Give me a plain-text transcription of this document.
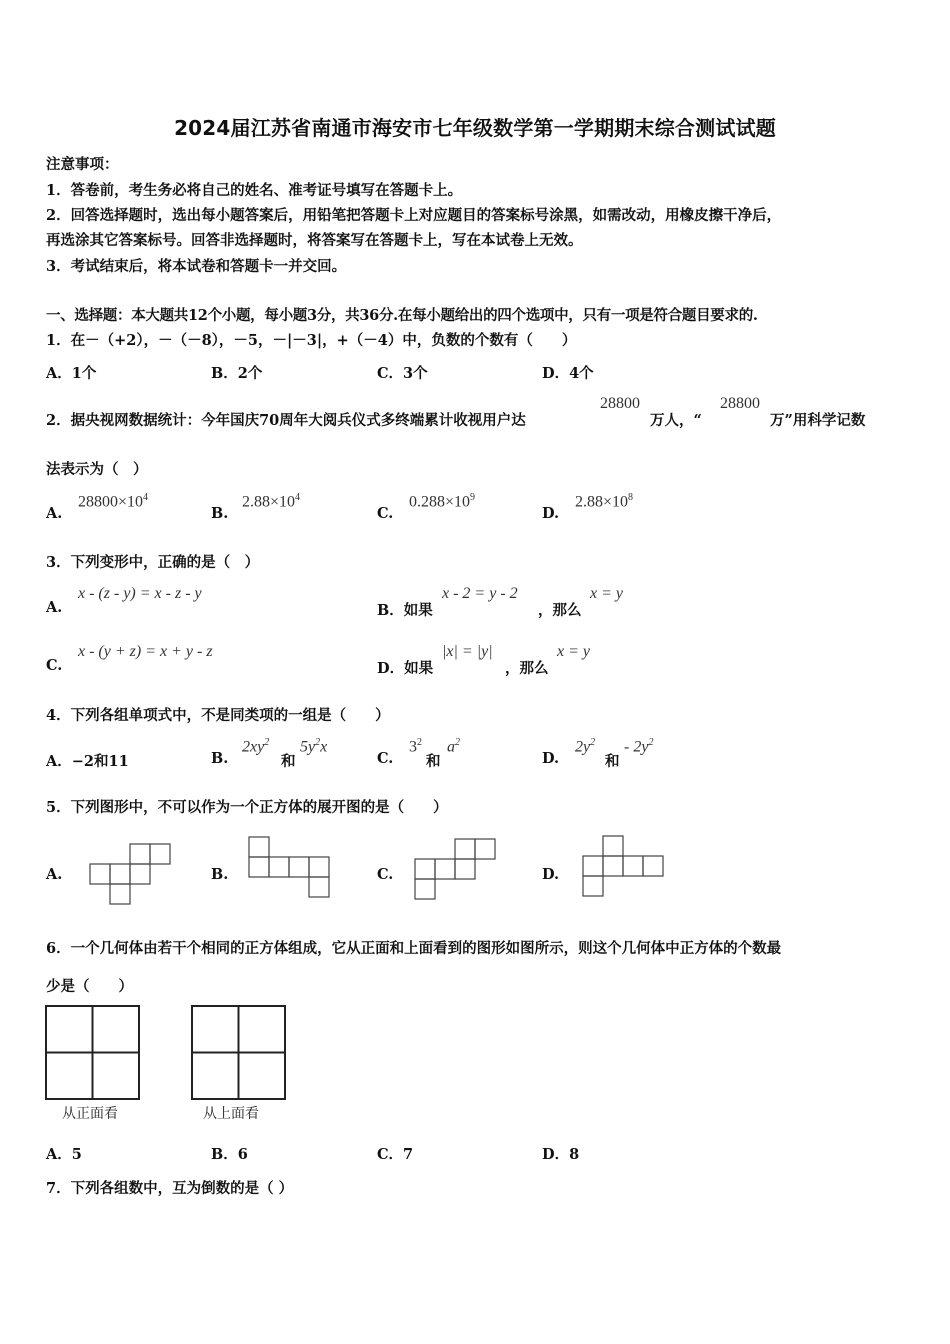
2024届江苏省南通市海安市七年级数学第一学期期末综合测试试题
注意事项：
1．答卷前，考生务必将自己的姓名、准考证号填写在答题卡上。
2．回答选择题时，选出每小题答案后，用铅笔把答题卡上对应题目的答案标号涂黑，如需改动，用橡皮擦干净后，
再选涂其它答案标号。回答非选择题时，将答案写在答题卡上，写在本试卷上无效。
3．考试结束后，将本试卷和答题卡一并交回。
一、选择题：本大题共12个小题，每小题3分，共36分.在每小题给出的四个选项中，只有一项是符合题目要求的.
1．在－（+2），－（－8），－5，－|－3|，+（－4）中，负数的个数有（　　）
A．1个	B．2个	C．3个	D．4个
2．据央视网数据统计：今年国庆70周年大阅兵仪式多终端累计收视用户达
28800
万人，“
28800
万”用科学记数
法表示为（　）
A.
$28800\times 10^4$
B.
$2.88\times 10^4$
C.
$0.288\times 10^9$
D.
$2.88\times 10^8$
3．下列变形中，正确的是（　）
A.
x - (z - y) = x - z - y
B．如果
x - 2 = y - 2
，那么
x = y
C.
x - (y + z) = x + y - z
D．如果
|x| = |y|
，那么
x = y
4．下列各组单项式中，不是同类项的一组是（　　）
A．−2和11	B.
$2xy^2$
和
$5y^2x$
C.
$3^2$
和
$a^2$
D.
$2y^2$
和
- $2y^2$
5．下列图形中，不可以作为一个正方体的展开图的是（　　）
A.	B.	C.	D.
6．一个几何体由若干个相同的正方体组成，它从正面和上面看到的图形如图所示，则这个几何体中正方体的个数最
少是（　　）
从正面看	从上面看
A．5	B．6	C．7	D．8
7．下列各组数中，互为倒数的是（ ）
